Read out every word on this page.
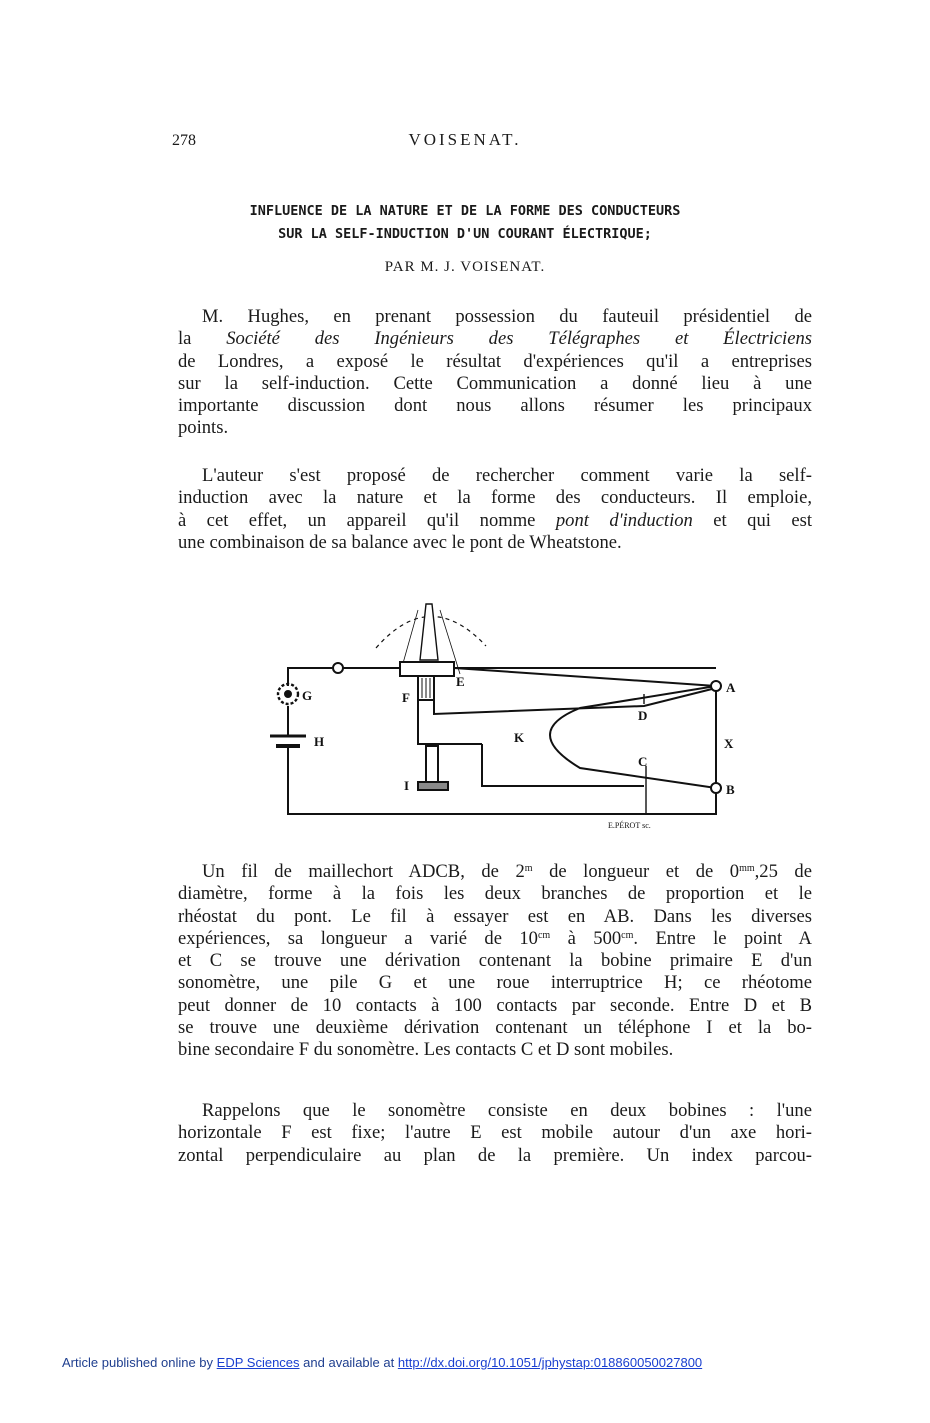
278	VOISENAT.
INFLUENCE DE LA NATURE ET DE LA FORME DES CONDUCTEURS
SUR LA SELF-INDUCTION D'UN COURANT ÉLECTRIQUE;
PAR M. J. VOISENAT.
M. Hughes, en prenant possession du fauteuil présidentiel de
la Société des Ingénieurs des Télégraphes et Électriciens
de Londres, a exposé le résultat d'expériences qu'il a entreprises
sur la self-induction. Cette Communication a donné lieu à une
importante discussion dont nous allons résumer les principaux
points.
L'auteur s'est proposé de rechercher comment varie la self-
induction avec la nature et la forme des conducteurs. Il emploie,
à cet effet, un appareil qu'il nomme pont d'induction et qui est
une combinaison de sa balance avec le pont de Wheatstone.
G
H
F
E
I
K
D
C
A
X
B
E.PÉROT sc.
Un fil de maillechort ADCB, de 2$^m$ de longueur et de $0^{mm},25$ de
diamètre, forme à la fois les deux branches de proportion et le
rhéostat du pont. Le fil à essayer est en AB. Dans les diverses
expériences, sa longueur a varié de $10^{cm}$ à $500^{cm}$. Entre le point A
et C se trouve une dérivation contenant la bobine primaire E d'un
sonomètre, une pile G et une roue interruptrice H; ce rhéotome
peut donner de 10 contacts à 100 contacts par seconde. Entre D et B
se trouve une deuxième dérivation contenant un téléphone I et la bo-
bine secondaire F du sonomètre. Les contacts C et D sont mobiles.
Rappelons que le sonomètre consiste en deux bobines : l'une
horizontale F est fixe; l'autre E est mobile autour d'un axe hori-
zontal perpendiculaire au plan de la première. Un index parcou-
Article published online by EDP Sciences and available at http://dx.doi.org/10.1051/jphystap:018860050027800
